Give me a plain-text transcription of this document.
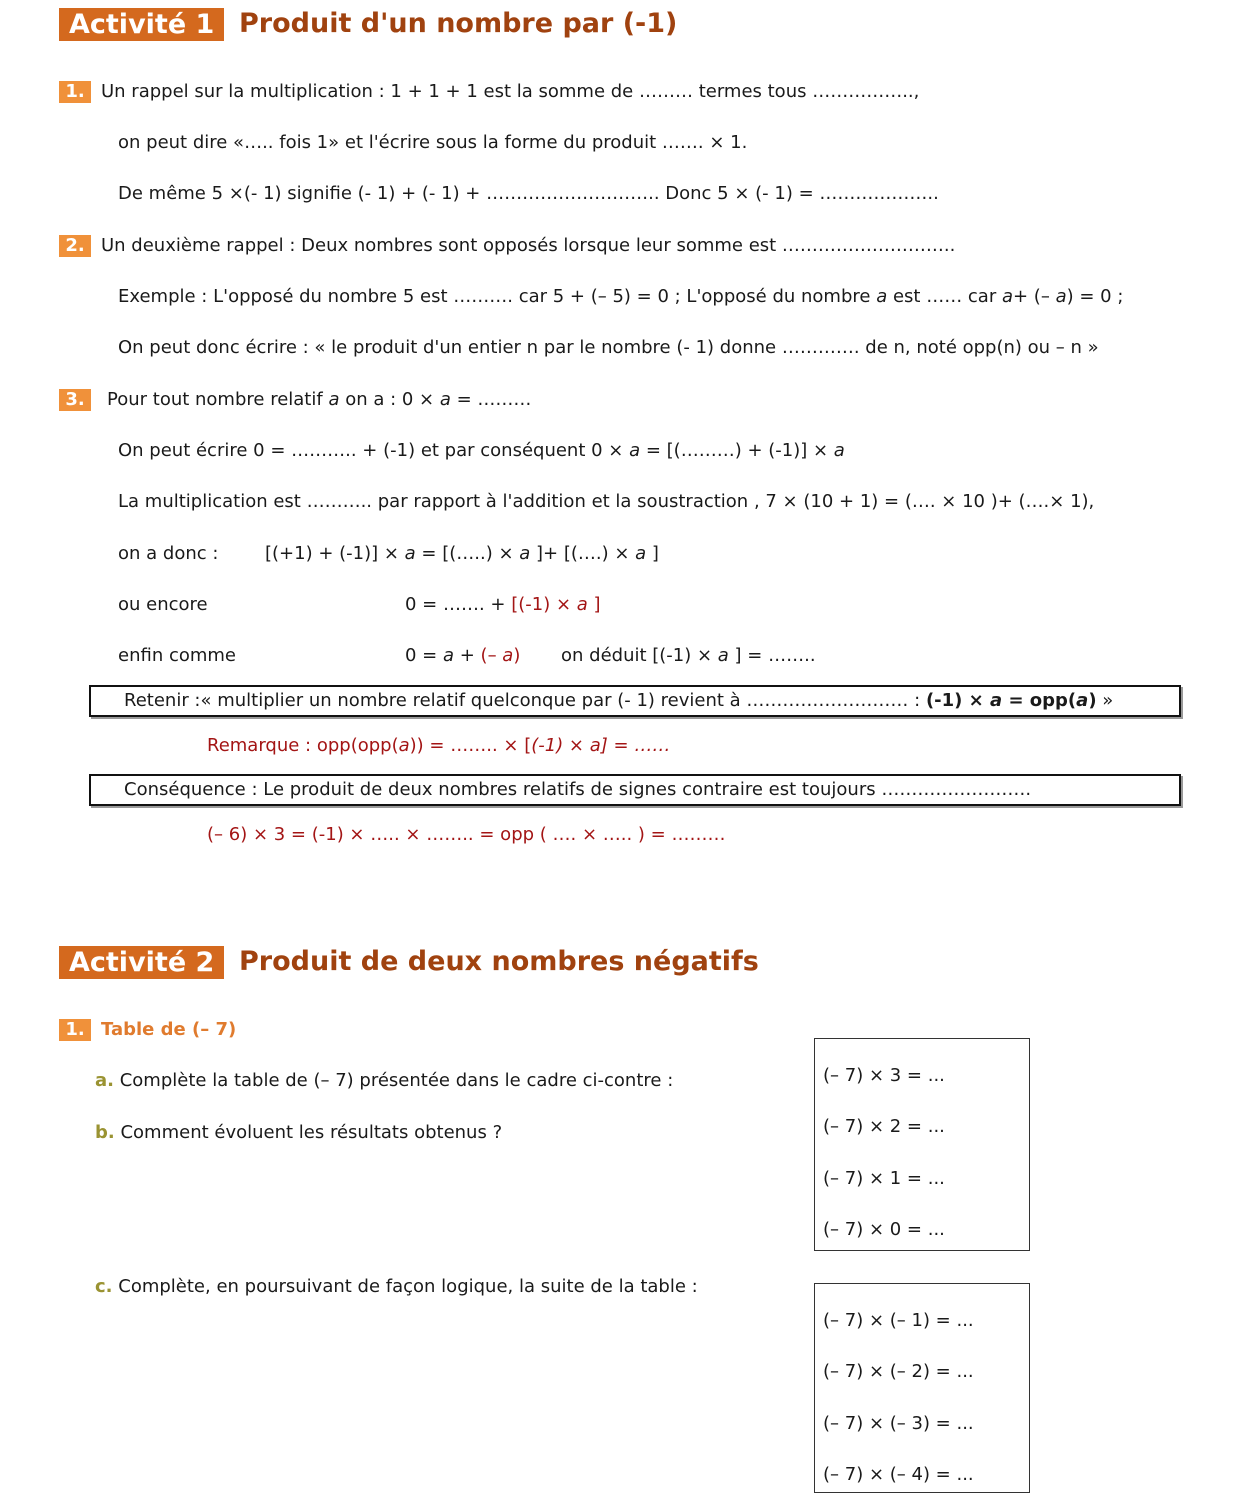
Activité 1 Produit d'un nombre par (-1)
1. Un rappel sur la multiplication : 1 + 1 + 1 est la somme de ……… termes tous ……………..,
on peut dire «….. fois 1» et l'écrire sous la forme du produit ……. × 1.
De même 5 ×(- 1) signifie (- 1) + (- 1) + ……………………….. Donc 5 × (- 1) = ………………..
2. Un deuxième rappel : Deux nombres sont opposés lorsque leur somme est ………………………..
Exemple : L'opposé du nombre 5 est ………. car 5 + (– 5) = 0 ; L'opposé du nombre a est …… car a+ (– a) = 0 ;
On peut donc écrire : « le produit d'un entier n par le nombre (- 1) donne …………. de n, noté opp(n) ou – n »
3.	Pour tout nombre relatif a on a : 0 × a = ………
On peut écrire 0 = ……….. + (-1) et par conséquent 0 × a = [(………) + (-1)] × a
La multiplication est ……….. par rapport à l'addition et la soustraction , 7 × (10 + 1) = (…. × 10 )+ (….× 1),
on a donc :	[(+1) + (-1)] × a = [(…..) × a ]+ [(….) × a ]
ou encore	0 = ……. + [(-1) × a ]
enfin comme	0 = a + (– a) on déduit [(-1) × a ] = ……..
Retenir :« multiplier un nombre relatif quelconque par (- 1) revient à ……………………… : (-1) × a = opp(a) »
Remarque : opp(opp(a)) = …….. × [(-1) × a] = ……
Conséquence : Le produit de deux nombres relatifs de signes contraire est toujours …………………….
(– 6) × 3 = (-1) × ….. × …….. = opp ( …. × ….. ) = ………
Activité 2 Produit de deux nombres négatifs
1. Table de (– 7)
a. Complète la table de (– 7) présentée dans le cadre ci-contre :
b. Comment évoluent les résultats obtenus ?
(– 7) × 3 = ...
(– 7) × 2 = ...
(– 7) × 1 = ...
(– 7) × 0 = ...
c. Complète, en poursuivant de façon logique, la suite de la table :
(– 7) × (– 1) = ...
(– 7) × (– 2) = ...
(– 7) × (– 3) = ...
(– 7) × (– 4) = ...
